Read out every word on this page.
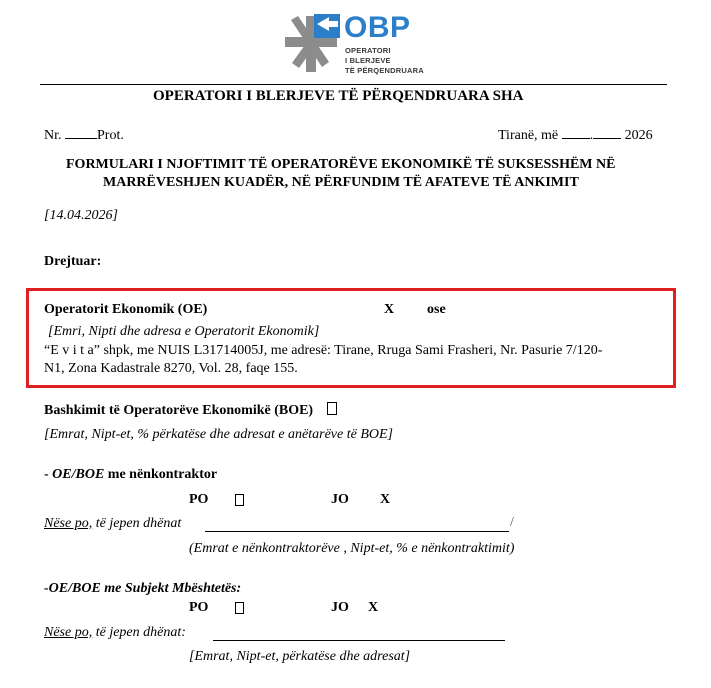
OBP
OPERATORI
I BLERJEVE
TË PËRQENDRUARA
OPERATORI I BLERJEVE TË PËRQENDRUARA SHA
Nr.	Prot.	Tiranë, më . 2026
FORMULARI I NJOFTIMIT TË OPERATORËVE EKONOMIKË TË SUKSESSHËM NË
MARRËVESHJEN KUADËR, NË PËRFUNDIM TË AFATEVE TË ANKIMIT
[14.04.2026]
Drejtuar:
Operatorit Ekonomik (OE)	X ose
[Emri, Nipti dhe adresa e Operatorit Ekonomik]
“E v i t a” shpk, me NUIS L31714005J, me adresë: Tirane, Rruga Sami Frasheri, Nr. Pasurie 7/120-
N1, Zona Kadastrale 8270, Vol. 28, faqe 155.
Bashkimit të Operatorëve Ekonomikë (BOE)
[Emrat, Nipt-et, % përkatëse dhe adresat e anëtarëve të BOE]
- OE/BOE me nënkontraktor
PO	JO X
Nëse po, të jepen dhënat	/
(Emrat e nënkontraktorëve , Nipt-et, % e nënkontraktimit)
-OE/BOE me Subjekt Mbështetës:
PO	JO X
Nëse po, të jepen dhënat:
[Emrat, Nipt-et, përkatëse dhe adresat]
